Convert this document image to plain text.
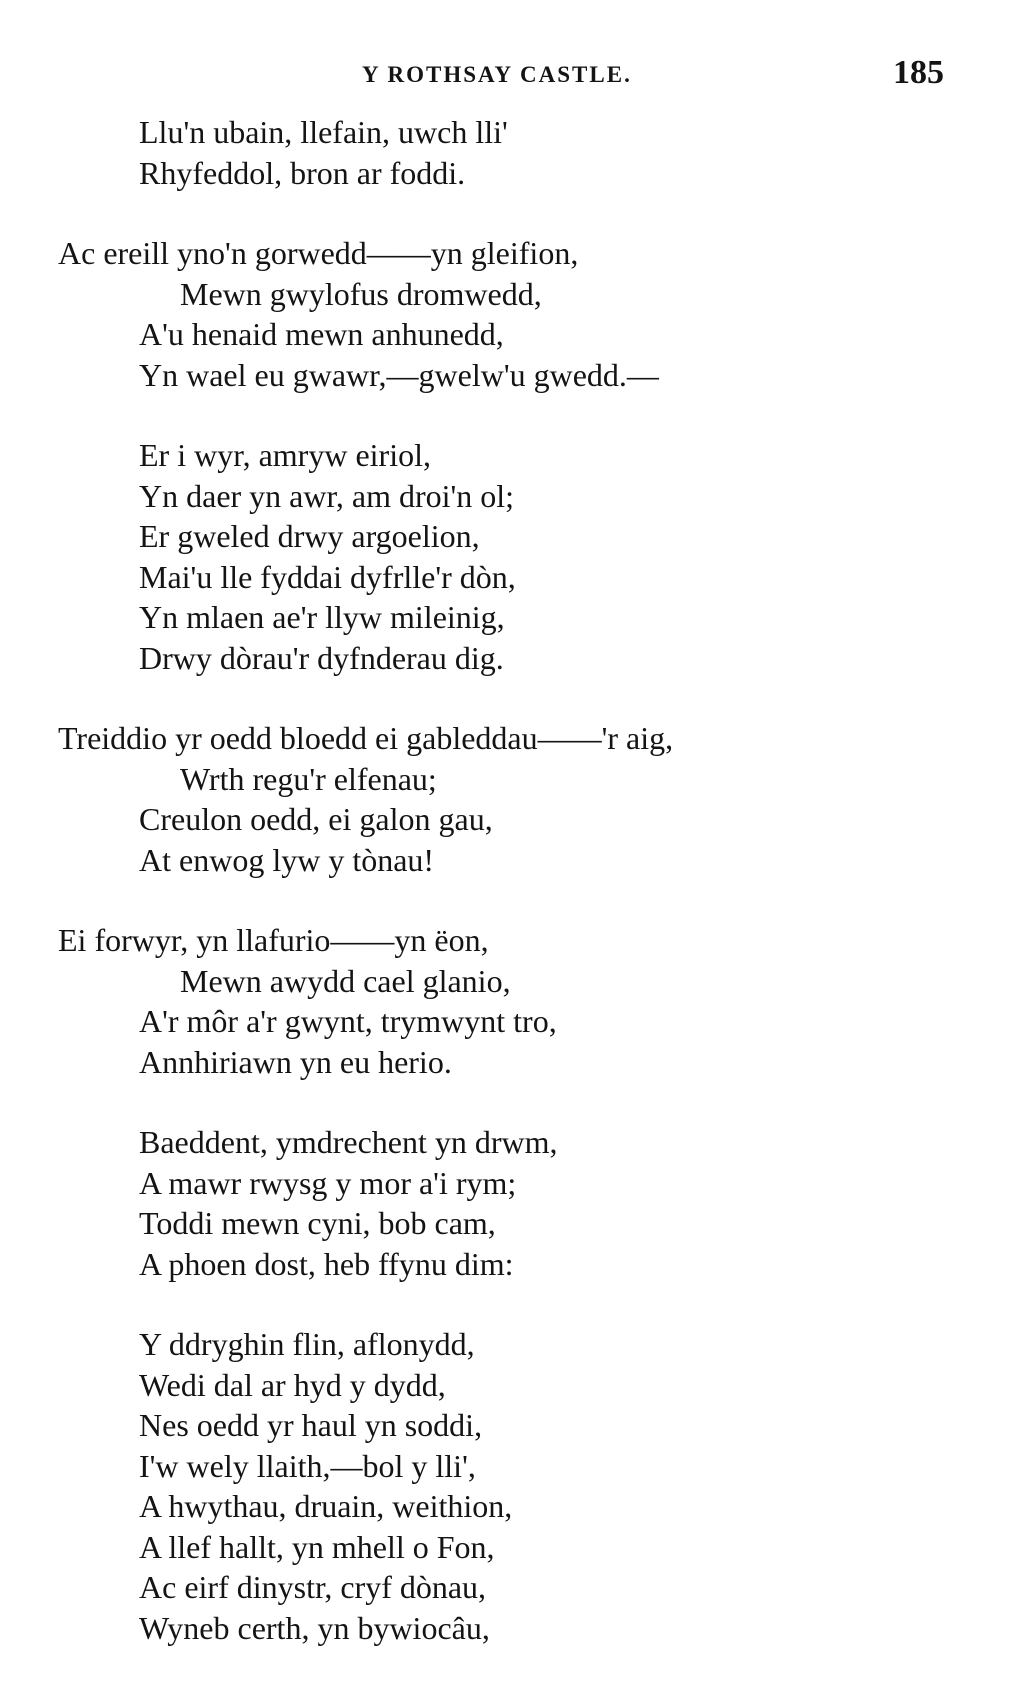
Y ROTHSAY CASTLE.	185
Llu'n ubain, llefain, uwch lli'
Rhyfeddol, bron ar foddi.
Ac ereill yno'n gorwedd——yn gleifion,
Mewn gwylofus dromwedd,
A'u henaid mewn anhunedd,
Yn wael eu gwawr,—gwelw'u gwedd.—
Er i wyr, amryw eiriol,
Yn daer yn awr, am droi'n ol;
Er gweled drwy argoelion,
Mai'u lle fyddai dyfrlle'r dòn,
Yn mlaen ae'r llyw mileinig,
Drwy dòrau'r dyfnderau dig.
Treiddio yr oedd bloedd ei gableddau——'r aig,
Wrth regu'r elfenau;
Creulon oedd, ei galon gau,
At enwog lyw y tònau!
Ei forwyr, yn llafurio——yn ëon,
Mewn awydd cael glanio,
A'r môr a'r gwynt, trymwynt tro,
Annhiriawn yn eu herio.
Baeddent, ymdrechent yn drwm,
A mawr rwysg y mor a'i rym;
Toddi mewn cyni, bob cam,
A phoen dost, heb ffynu dim:
Y ddryghin flin, aflonydd,
Wedi dal ar hyd y dydd,
Nes oedd yr haul yn soddi,
I'w wely llaith,—bol y lli',
A hwythau, druain, weithion,
A llef hallt, yn mhell o Fon,
Ac eirf dinystr, cryf dònau,
Wyneb certh, yn bywiocâu,
